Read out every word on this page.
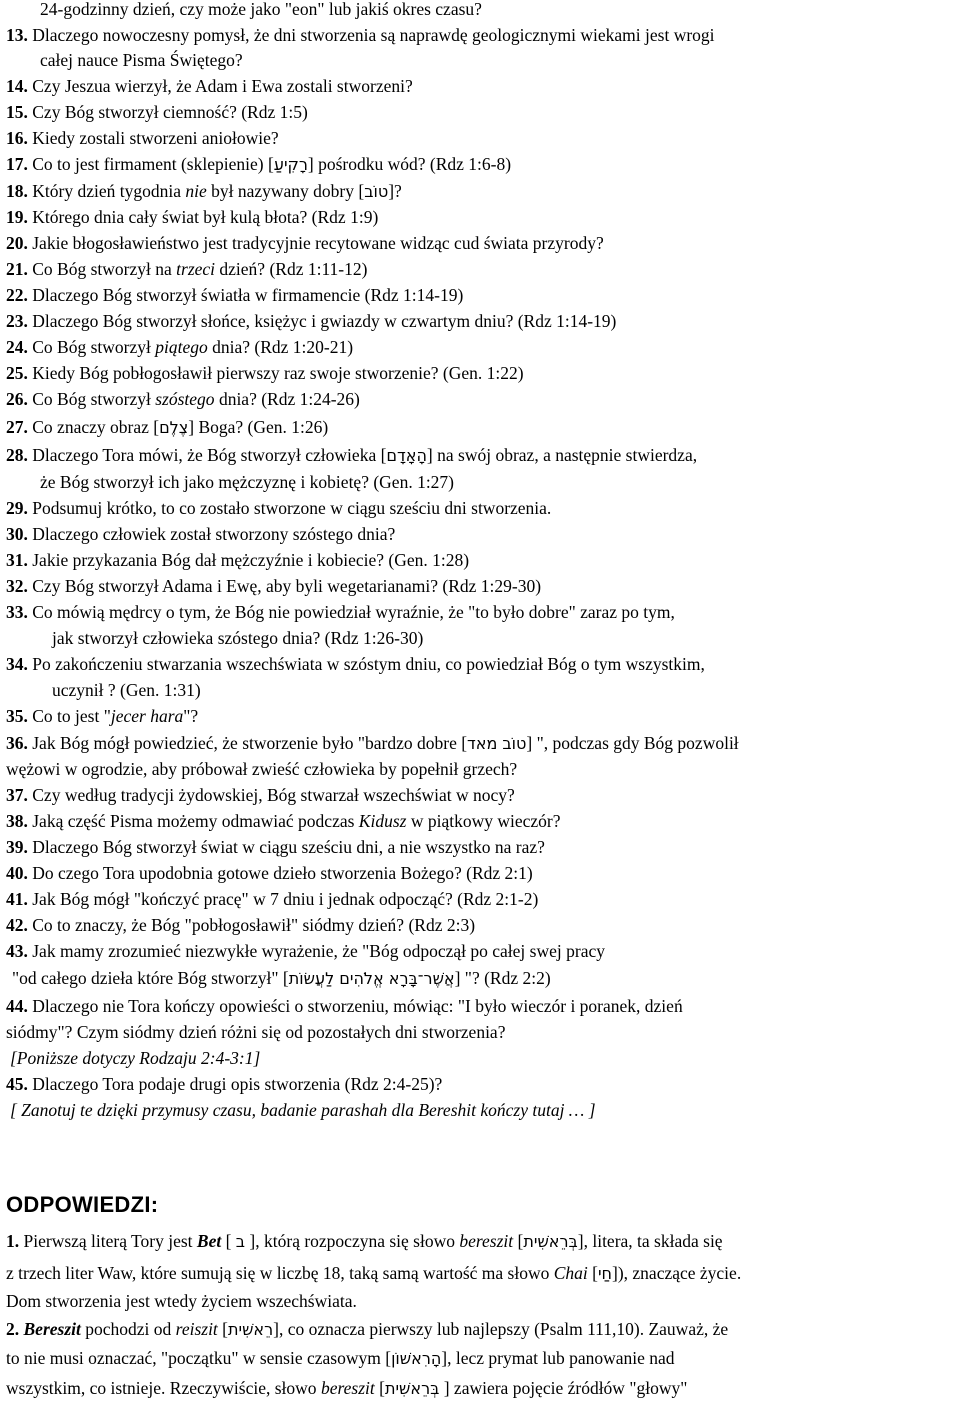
24-godzinny dzień, czy może jako "eon" lub jakiś okres czasu?
13. Dlaczego nowoczesny pomysł, że dni stworzenia są naprawdę geologicznymi wiekami jest wrogi
całej nauce Pisma Świętego?
14. Czy Jeszua wierzył, że Adam i Ewa zostali stworzeni?
15. Czy Bóg stworzył ciemność? (Rdz 1:5)
16. Kiedy zostali stworzeni aniołowie?
17. Co to jest firmament (sklepienie) [רָקִיעַ] pośrodku wód? (Rdz 1:6-8)
18. Który dzień tygodnia nie był nazywany dobry [טוֹב]?
19. Którego dnia cały świat był kulą błota? (Rdz 1:9)
20. Jakie błogosławieństwo jest tradycyjnie recytowane widząc cud świata przyrody?
21. Co Bóg stworzył na trzeci dzień? (Rdz 1:11-12)
22. Dlaczego Bóg stworzył światła w firmamencie (Rdz 1:14-19)
23. Dlaczego Bóg stworzył słońce, księżyc i gwiazdy w czwartym dniu? (Rdz 1:14-19)
24. Co Bóg stworzył piątego dnia? (Rdz 1:20-21)
25. Kiedy Bóg pobłogosławił pierwszy raz swoje stworzenie? (Gen. 1:22)
26. Co Bóg stworzył szóstego dnia? (Rdz 1:24-26)
27. Co znaczy obraz [צֶלֶם] Boga? (Gen. 1:26)
28. Dlaczego Tora mówi, że Bóg stworzył człowieka [הָאָדָם] na swój obraz, a następnie stwierdza,
że Bóg stworzył ich jako mężczyznę i kobietę? (Gen. 1:27)
29. Podsumuj krótko, to co zostało stworzone w ciągu sześciu dni stworzenia.
30. Dlaczego człowiek został stworzony szóstego dnia?
31. Jakie przykazania Bóg dał mężczyźnie i kobiecie? (Gen. 1:28)
32. Czy Bóg stworzył Adama i Ewę, aby byli wegetarianami? (Rdz 1:29-30)
33. Co mówią mędrcy o tym, że Bóg nie powiedział wyraźnie, że "to było dobre" zaraz po tym,
jak stworzył człowieka szóstego dnia? (Rdz 1:26-30)
34. Po zakończeniu stwarzania wszechświata w szóstym dniu, co powiedział Bóg o tym wszystkim,
uczynił ? (Gen. 1:31)
35. Co to jest "jecer hara"?
36. Jak Bóg mógł powiedzieć, że stworzenie było "bardzo dobre [טוֹב מאד] ", podczas gdy Bóg pozwolił
wężowi w ogrodzie, aby próbował zwieść człowieka by popełnił grzech?
37. Czy według tradycji żydowskiej, Bóg stwarzał wszechświat w nocy?
38. Jaką część Pisma możemy odmawiać podczas Kidusz w piątkowy wieczór?
39. Dlaczego Bóg stworzył świat w ciągu sześciu dni, a nie wszystko na raz?
40. Do czego Tora upodobnia gotowe dzieło stworzenia Bożego? (Rdz 2:1)
41. Jak Bóg mógł "kończyć pracę" w 7 dniu i jednak odpocząć? (Rdz 2:1-2)
42. Co to znaczy, że Bóg "pobłogosławił" siódmy dzień? (Rdz 2:3)
43. Jak mamy zrozumieć niezwykłe wyrażenie, że "Bóg odpoczął po całej swej pracy
"od całego dzieła które Bóg stworzył" [אֲשֶׁר־בָּרָא אֱלֹהִים לַעֲשׂוֹת] "? (Rdz 2:2)
44. Dlaczego nie Tora kończy opowieści o stworzeniu, mówiąc: "I było wieczór i poranek, dzień
siódmy"? Czym siódmy dzień różni się od pozostałych dni stworzenia?
[Poniższe dotyczy Rodzaju 2:4-3:1]
45. Dlaczego Tora podaje drugi opis stworzenia (Rdz 2:4-25)?
[ Zanotuj te dzięki przymusy czasu, badanie parashah dla Bereshit kończy tutaj … ]
ODPOWIEDZI:
1. Pierwszą literą Tory jest Bet [ ב ], którą rozpoczyna się słowo bereszit [בְּרֵאשִׁית], litera, ta składa się
z trzech liter Waw, które sumują się w liczbę 18, taką samą wartość ma słowo Chai [חַי]), znaczące życie.
Dom stworzenia jest wtedy życiem wszechświata.
2. Bereszit pochodzi od reiszit [רֵאשִׁית], co oznacza pierwszy lub najlepszy (Psalm 111,10). Zauważ, że
to nie musi oznaczać, "początku" w sensie czasowym [הָרִאשׁוֹן], lecz prymat lub panowanie nad
wszystkim, co istnieje. Rzeczywiście, słowo bereszit [בְּרֵאשִׁית ] zawiera pojęcie źródłów "głowy"
